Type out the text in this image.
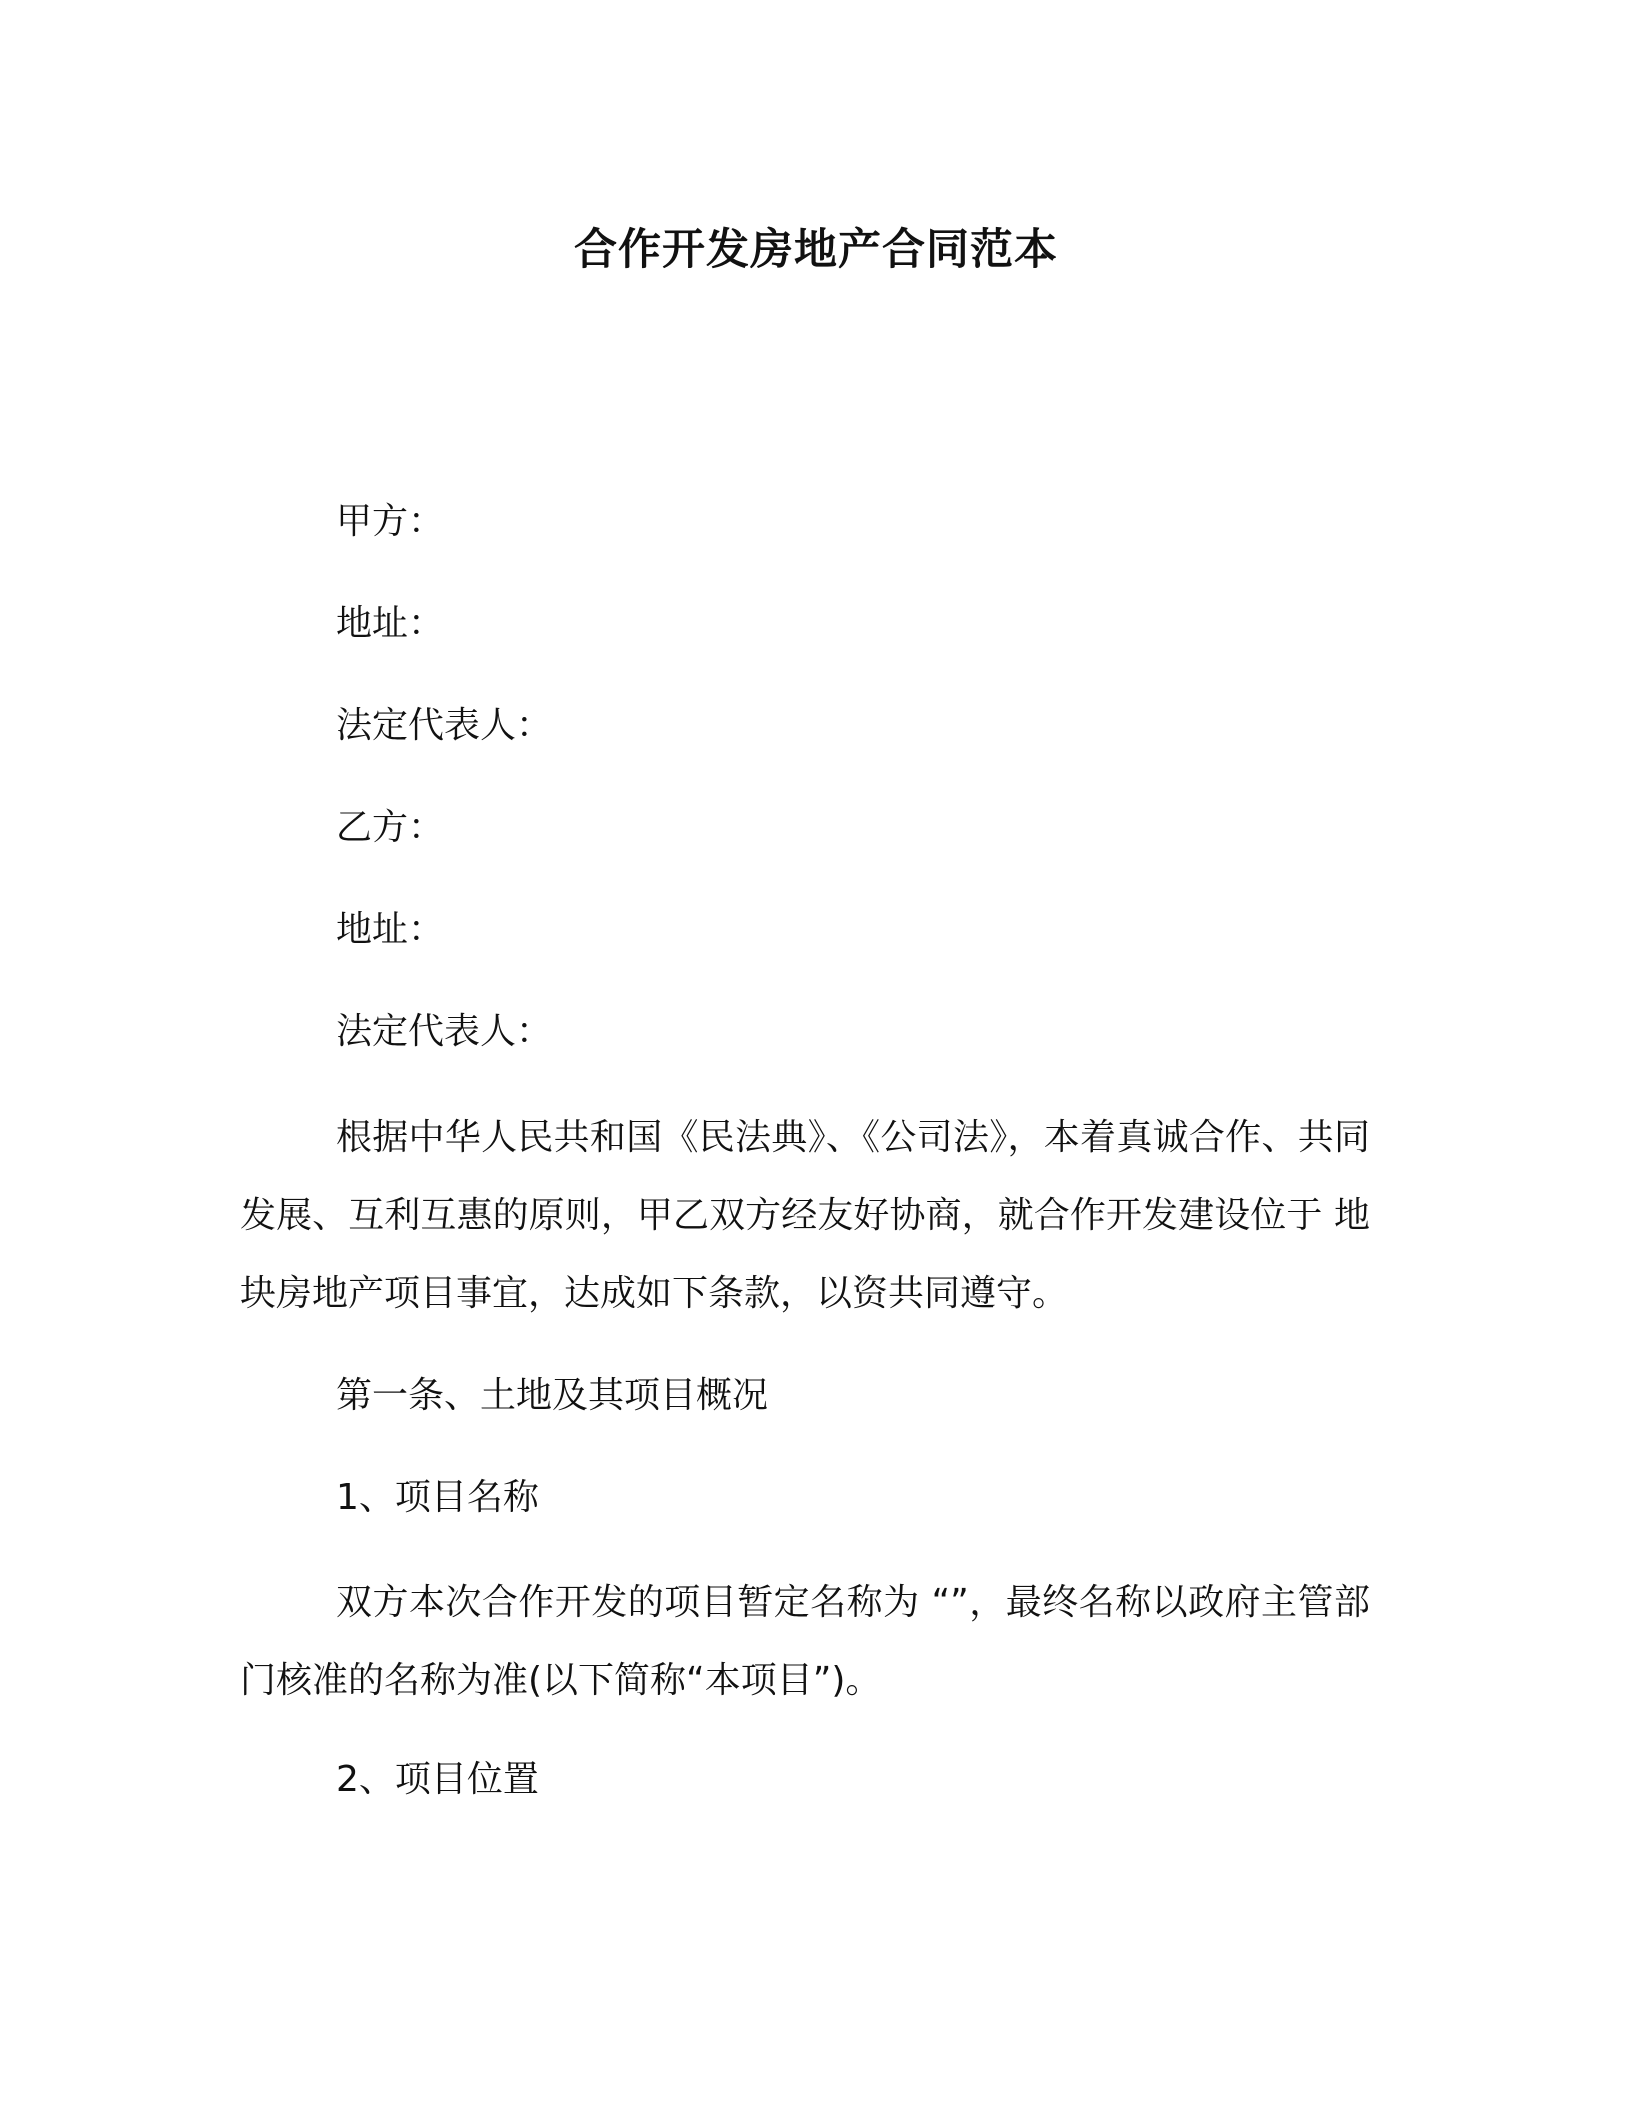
合作开发房地产合同范本
甲方：
地址：
法定代表人：
乙方：
地址：
法定代表人：
根据中华人民共和国《民法典》、《公司法》，本着真诚合作、共同发展、互利互惠的原则，甲乙双方经友好协商，就合作开发建设位于 地块房地产项目事宜，达成如下条款，以资共同遵守。
第一条、土地及其项目概况
1、项目名称
双方本次合作开发的项目暂定名称为 “”，最终名称以政府主管部门核准的名称为准(以下简称“本项目”)。
2、项目位置
